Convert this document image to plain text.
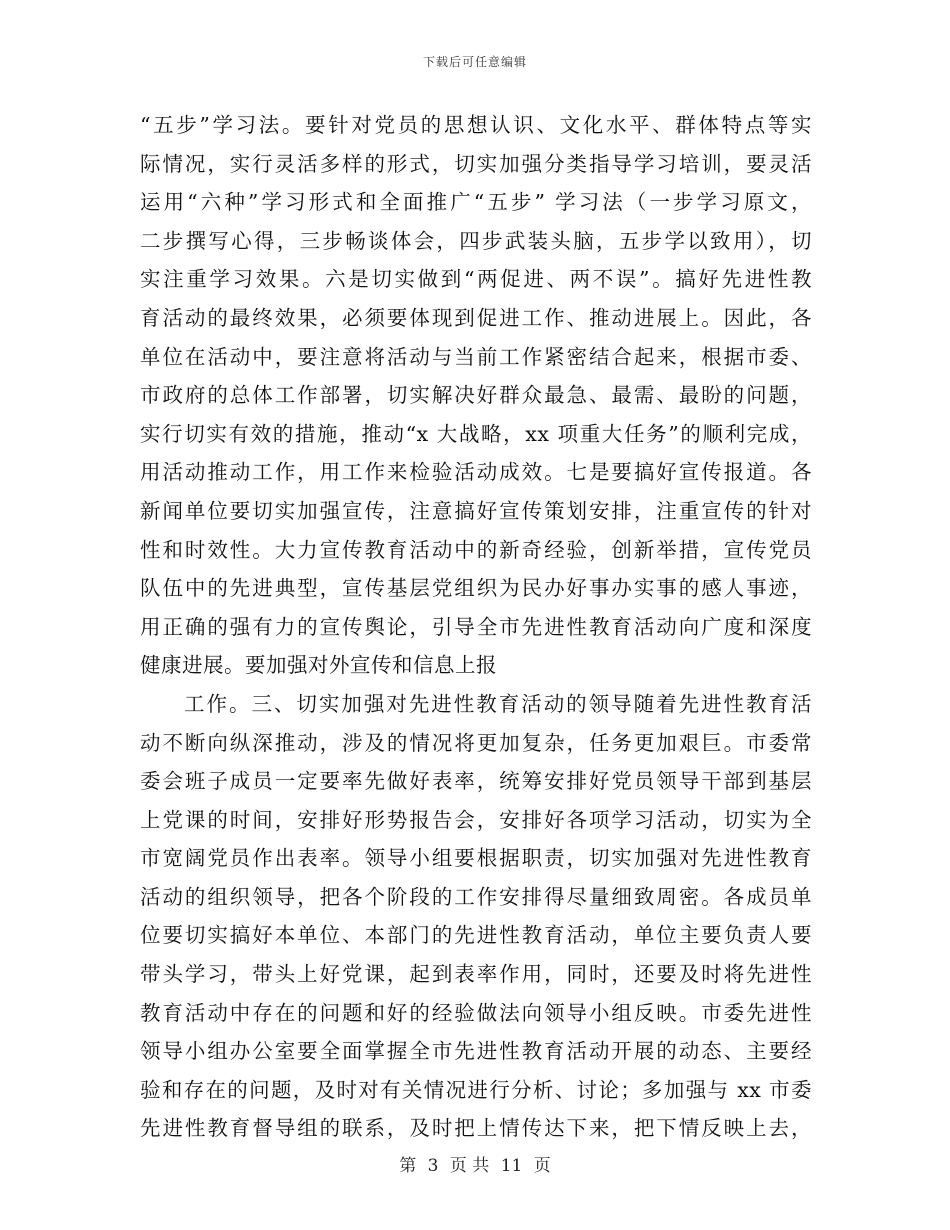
下载后可任意编辑
“五步”学习法。要针对党员的思想认识、文化水平、群体特点等实
际情况，实行灵活多样的形式，切实加强分类指导学习培训，要灵活
运用“六种”学习形式和全面推广“五步” 学习法（一步学习原文，
二步撰写心得，三步畅谈体会，四步武装头脑，五步学以致用），切
实注重学习效果。六是切实做到“两促进、两不误”。搞好先进性教
育活动的最终效果，必须要体现到促进工作、推动进展上。因此，各
单位在活动中，要注意将活动与当前工作紧密结合起来，根据市委、
市政府的总体工作部署，切实解决好群众最急、最需、最盼的问题，
实行切实有效的措施，推动“x 大战略，xx 项重大任务”的顺利完成，
用活动推动工作，用工作来检验活动成效。七是要搞好宣传报道。各
新闻单位要切实加强宣传，注意搞好宣传策划安排，注重宣传的针对
性和时效性。大力宣传教育活动中的新奇经验，创新举措，宣传党员
队伍中的先进典型，宣传基层党组织为民办好事办实事的感人事迹，
用正确的强有力的宣传舆论，引导全市先进性教育活动向广度和深度
健康进展。要加强对外宣传和信息上报
工作。三、切实加强对先进性教育活动的领导随着先进性教育活
动不断向纵深推动，涉及的情况将更加复杂，任务更加艰巨。市委常
委会班子成员一定要率先做好表率，统筹安排好党员领导干部到基层
上党课的时间，安排好形势报告会，安排好各项学习活动，切实为全
市宽阔党员作出表率。领导小组要根据职责，切实加强对先进性教育
活动的组织领导，把各个阶段的工作安排得尽量细致周密。各成员单
位要切实搞好本单位、本部门的先进性教育活动，单位主要负责人要
带头学习，带头上好党课，起到表率作用，同时，还要及时将先进性
教育活动中存在的问题和好的经验做法向领导小组反映。市委先进性
领导小组办公室要全面掌握全市先进性教育活动开展的动态、主要经
验和存在的问题，及时对有关情况进行分析、讨论；多加强与 xx 市委
先进性教育督导组的联系，及时把上情传达下来，把下情反映上去，
第 3 页 共 11 页
